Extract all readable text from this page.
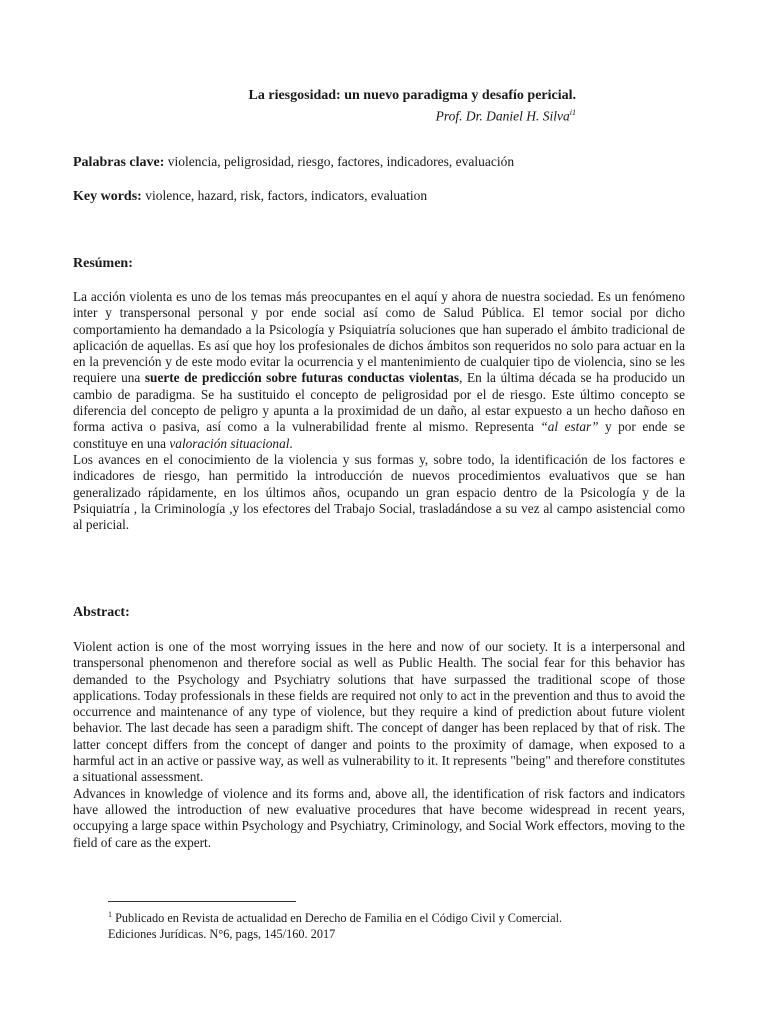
La riesgosidad: un nuevo paradigma y desafío pericial.
Prof. Dr. Daniel H. Silva$^{i1}$
Palabras clave: violencia, peligrosidad, riesgo, factores, indicadores, evaluación
Key words: violence, hazard, risk, factors, indicators, evaluation
Resúmen:

La acción violenta es uno de los temas más preocupantes en el aquí y ahora de nuestra sociedad. Es un fenómeno inter y transpersonal personal y por ende social así como de Salud Pública. El temor social por dicho comportamiento ha demandado a la Psicología y Psiquiatría soluciones que han superado el ámbito tradicional de aplicación de aquellas. Es así que hoy los profesionales de dichos ámbitos son requeridos no solo para actuar en la en la prevención y de este modo evitar la ocurrencia y el mantenimiento de cualquier tipo de violencia, sino se les requiere una suerte de predicción sobre futuras conductas violentas, En la última década se ha producido un cambio de paradigma. Se ha sustituido el concepto de peligrosidad por el de riesgo. Este último concepto se diferencia del concepto de peligro y apunta a la proximidad de un daño, al estar expuesto a un hecho dañoso en forma activa o pasiva, así como a la vulnerabilidad frente al mismo. Representa “al estar” y por ende se constituye en una valoración situacional.

Los avances en el conocimiento de la violencia y sus formas y, sobre todo, la identificación de los factores e indicadores de riesgo, han permitido la introducción de nuevos procedimientos evaluativos que se han generalizado rápidamente, en los últimos años, ocupando un gran espacio dentro de la Psicología y de la Psiquiatría , la Criminología ,y los efectores del Trabajo Social, trasladándose a su vez al campo asistencial como al pericial.

Abstract:

Violent action is one of the most worrying issues in the here and now of our society. It is a interpersonal and transpersonal phenomenon and therefore social as well as Public Health. The social fear for this behavior has demanded to the Psychology and Psychiatry solutions that have surpassed the traditional scope of those applications. Today professionals in these fields are required not only to act in the prevention and thus to avoid the occurrence and maintenance of any type of violence, but they require a kind of prediction about future violent behavior. The last decade has seen a paradigm shift. The concept of danger has been replaced by that of risk. The latter concept differs from the concept of danger and points to the proximity of damage, when exposed to a harmful act in an active or passive way, as well as vulnerability to it. It represents "being" and therefore constitutes a situational assessment.

Advances in knowledge of violence and its forms and, above all, the identification of risk factors and indicators have allowed the introduction of new evaluative procedures that have become widespread in recent years, occupying a large space within Psychology and Psychiatry, Criminology, and Social Work effectors, moving to the field of care as the expert.

$^1$ Publicado en Revista de actualidad en Derecho de Familia en el Código Civil y Comercial.
Ediciones Jurídicas. N°6, pags, 145/160. 2017
